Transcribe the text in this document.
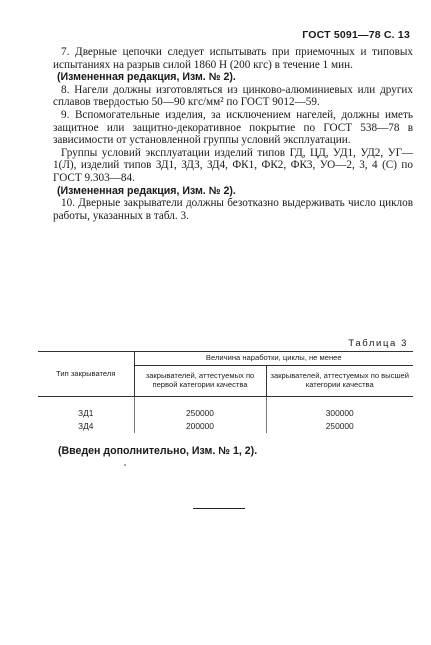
ГОСТ 5091—78 С. 13

7. Дверные цепочки следует испытывать при приемочных и типовых испытаниях на разрыв силой 1860 Н (200 кгс) в течение 1 мин.

(Измененная редакция, Изм. № 2).

8. Нагели должны изготовляться из цинково-алюминиевых или других сплавов твердостью 50—90 кгс/мм² по ГОСТ 9012—59.

9. Вспомогательные изделия, за исключением нагелей, должны иметь защитное или защитно-декоративное покрытие по ГОСТ 538—78 в зависимости от установленной группы условий эксплуатации.

Группы условий эксплуатации изделий типов ГД, ЦД, УД1, УД2, УГ—1(Л), изделий типов ЗД1, ЗДЗ, ЗД4, ФК1, ФК2, ФК3, УО—2, 3, 4 (С) по ГОСТ 9.303—84.

(Измененная редакция, Изм. № 2).

10. Дверные закрыватели должны безотказно выдерживать число циклов работы, указанных в табл. 3.

Таблица 3
Тип закрывателя	Величина наработки, циклы, не менее	
	закрывателей, аттестуемых по первой категории качества	закрывателей, аттестуемых по высшей категории качества
ЗД1	250000	300000
ЗД4	200000	250000
(Введен дополнительно, Изм. № 1, 2).
